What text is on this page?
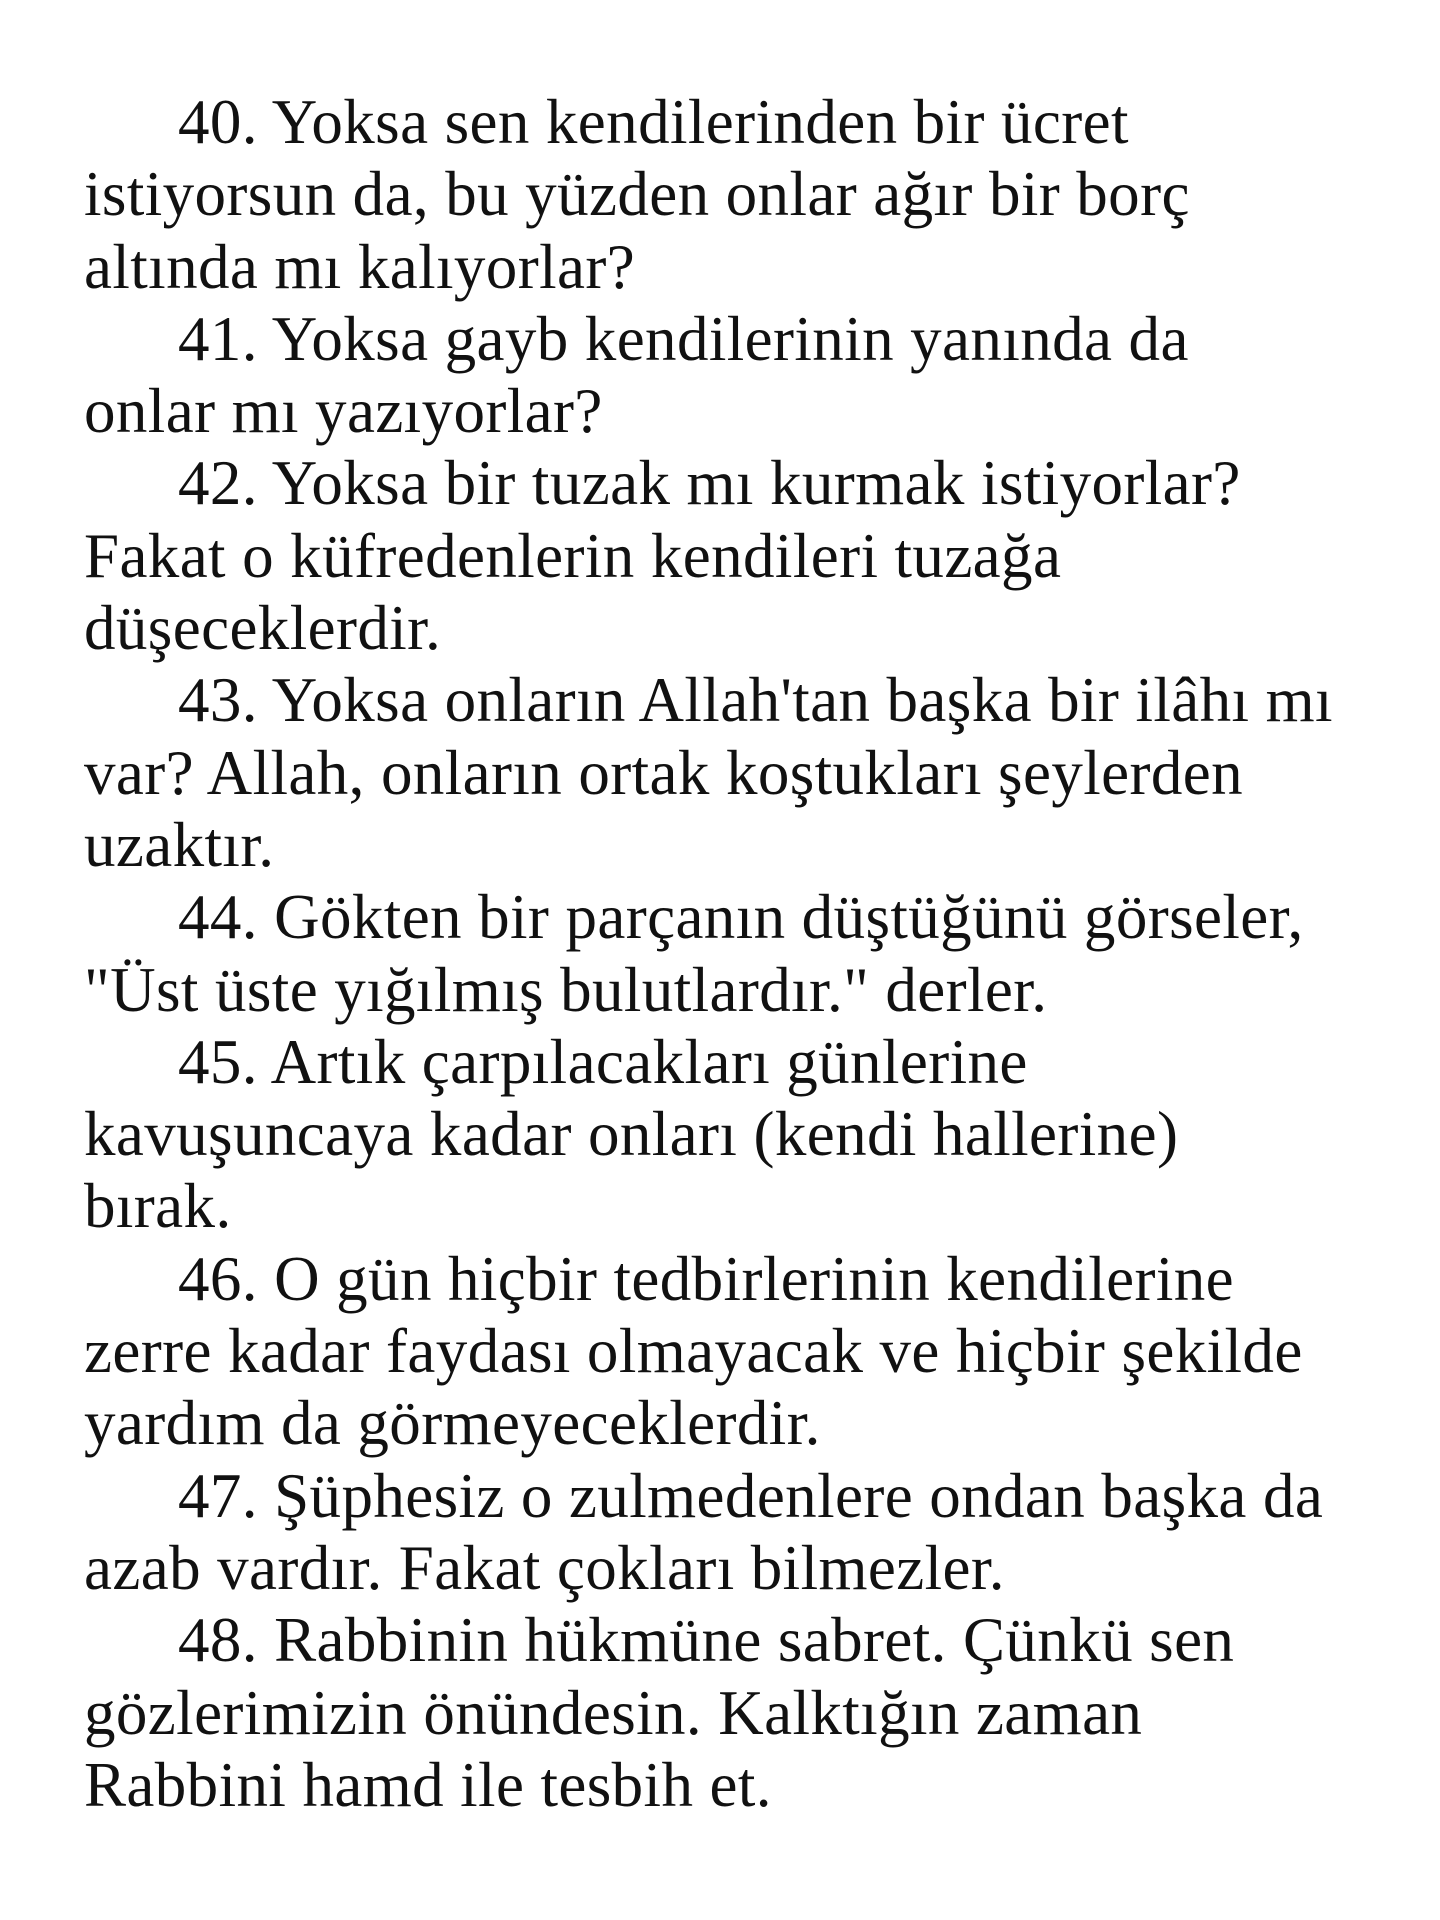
40. Yoksa sen kendilerinden bir ücret
istiyorsun da, bu yüzden onlar ağır bir borç
altında mı kalıyorlar?
41. Yoksa gayb kendilerinin yanında da
onlar mı yazıyorlar?
42. Yoksa bir tuzak mı kurmak istiyorlar?
Fakat o küfredenlerin kendileri tuzağa
düşeceklerdir.
43. Yoksa onların Allah'tan başka bir ilâhı mı
var? Allah, onların ortak koştukları şeylerden
uzaktır.
44. Gökten bir parçanın düştüğünü görseler,
"Üst üste yığılmış bulutlardır." derler.
45. Artık çarpılacakları günlerine
kavuşuncaya kadar onları (kendi hallerine)
bırak.
46. O gün hiçbir tedbirlerinin kendilerine
zerre kadar faydası olmayacak ve hiçbir şekilde
yardım da görmeyeceklerdir.
47. Şüphesiz o zulmedenlere ondan başka da
azab vardır. Fakat çokları bilmezler.
48. Rabbinin hükmüne sabret. Çünkü sen
gözlerimizin önündesin. Kalktığın zaman
Rabbini hamd ile tesbih et.
